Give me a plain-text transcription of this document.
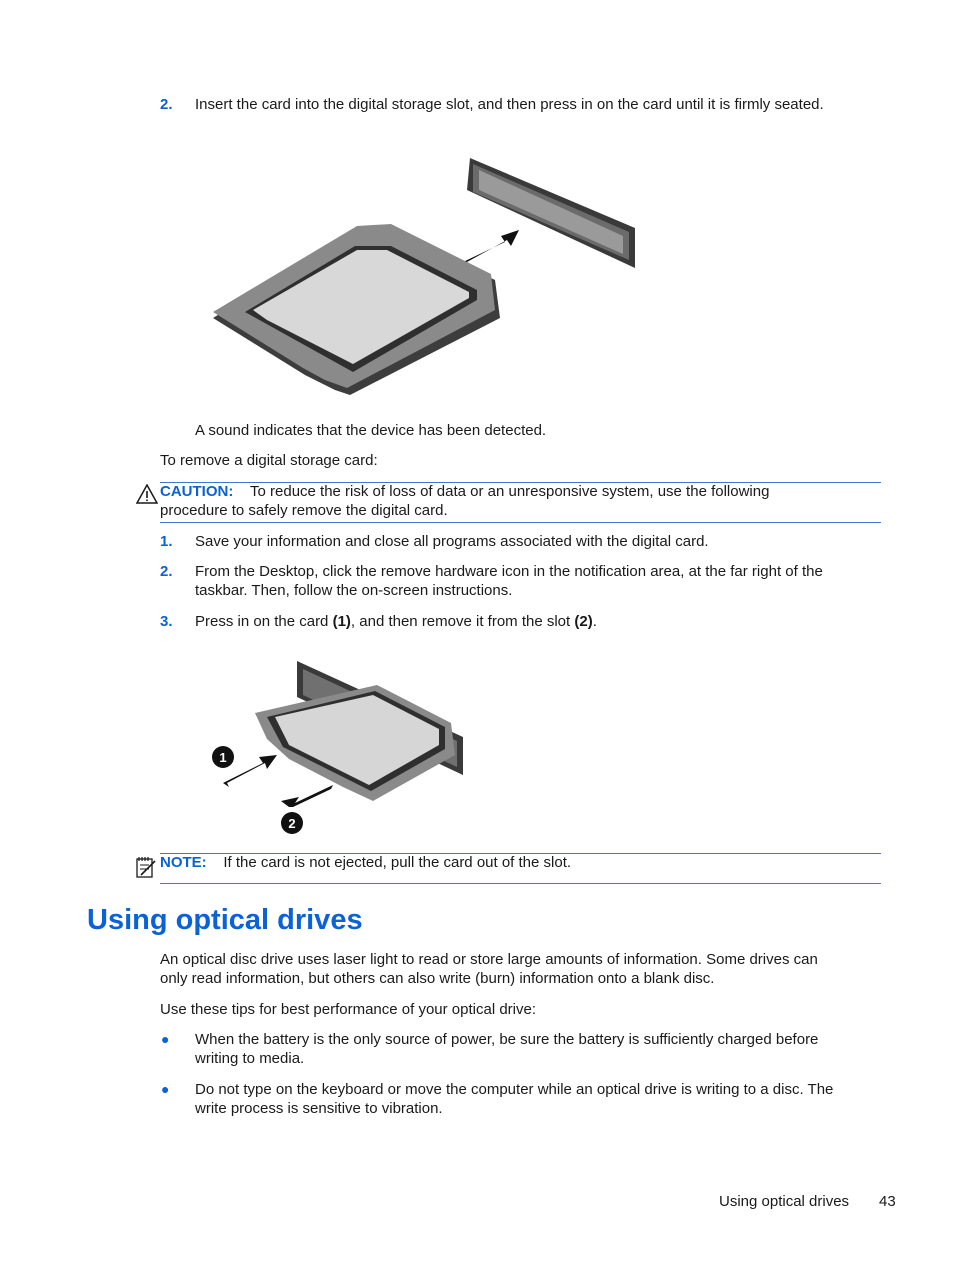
2. Insert the card into the digital storage slot, and then press in on the card until it is firmly seated.
A sound indicates that the device has been detected.
To remove a digital storage card:
CAUTION: To reduce the risk of loss of data or an unresponsive system, use the following
procedure to safely remove the digital card.
1. Save your information and close all programs associated with the digital card.
2. From the Desktop, click the remove hardware icon in the notification area, at the far right of the
taskbar. Then, follow the on-screen instructions.
3. Press in on the card (1), and then remove it from the slot (2).
1
2
NOTE: If the card is not ejected, pull the card out of the slot.
Using optical drives
An optical disc drive uses laser light to read or store large amounts of information. Some drives can
only read information, but others can also write (burn) information onto a blank disc.
Use these tips for best performance of your optical drive:
● When the battery is the only source of power, be sure the battery is sufficiently charged before
writing to media.
● Do not type on the keyboard or move the computer while an optical drive is writing to a disc. The
write process is sensitive to vibration.
Using optical drives 43
